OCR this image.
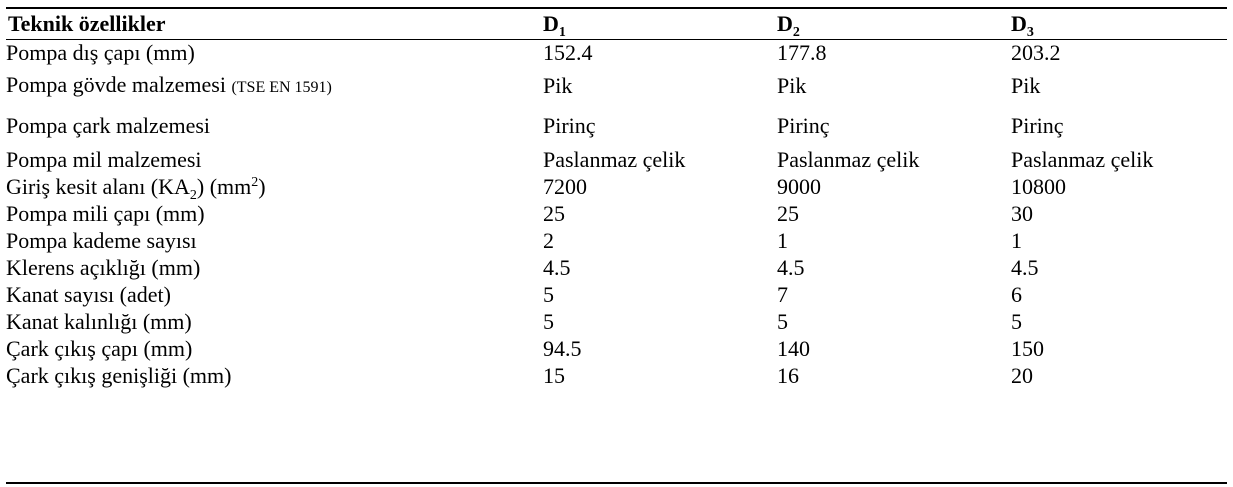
Teknik özellikler	$D_1$	$D_2$	$D_3$
Pompa dış çapı (mm)	152.4	177.8	203.2
Pompa gövde malzemesi (TSE EN 1591)	Pik	Pik	Pik
Pompa çark malzemesi	Pirinç	Pirinç	Pirinç
Pompa mil malzemesi	Paslanmaz çelik	Paslanmaz çelik	Paslanmaz çelik
Giriş kesit alanı $(KA_2)$ $(mm^2)$	7200	9000	10800
Pompa mili çapı (mm)	25	25	30
Pompa kademe sayısı	2	1	1
Klerens açıklığı (mm)	4.5	4.5	4.5
Kanat sayısı (adet)	5	7	6
Kanat kalınlığı (mm)	5	5	5
Çark çıkış çapı (mm)	94.5	140	150
Çark çıkış genişliği (mm)	15	16	20
